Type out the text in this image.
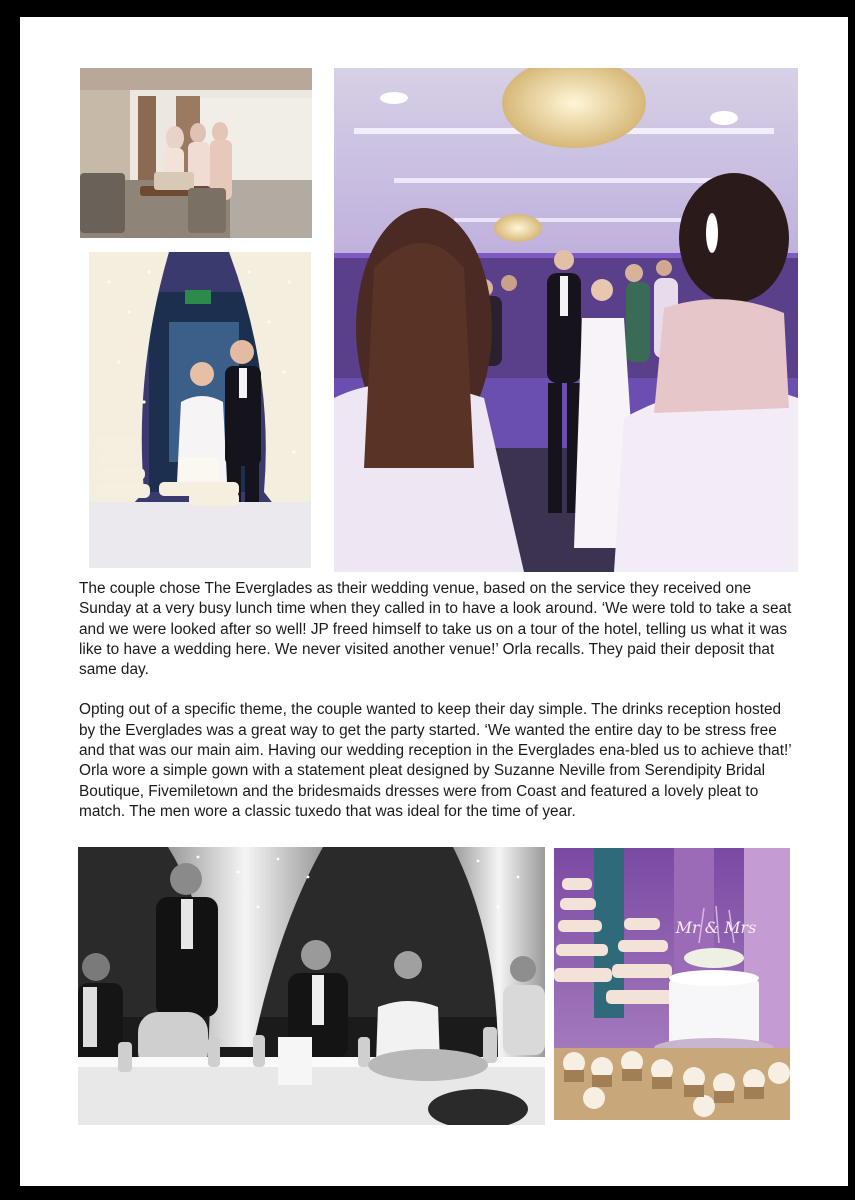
The couple chose The Everglades as their wedding venue, based on the service they received one Sunday at a very busy lunch time when they called in to have a look around. ‘We were told to take a seat and we were looked after so well! JP freed himself to take us on a tour of the hotel, telling us what it was like to have a wedding here. We never visited another venue!’ Orla recalls. They paid their deposit that same day.

Opting out of a specific theme, the couple wanted to keep their day simple. The drinks reception hosted by the Everglades was a great way to get the party started. ‘We wanted the entire day to be stress free and that was our main aim. Having our wedding reception in the Everglades ena-bled us to achieve that!’ Orla wore a simple gown with a statement pleat designed by Suzanne Neville from Serendipity Bridal Boutique, Fivemiletown and the bridesmaids dresses were from Coast and featured a lovely pleat to match. The men wore a classic tuxedo that was ideal for the time of year.

Mr & Mrs
